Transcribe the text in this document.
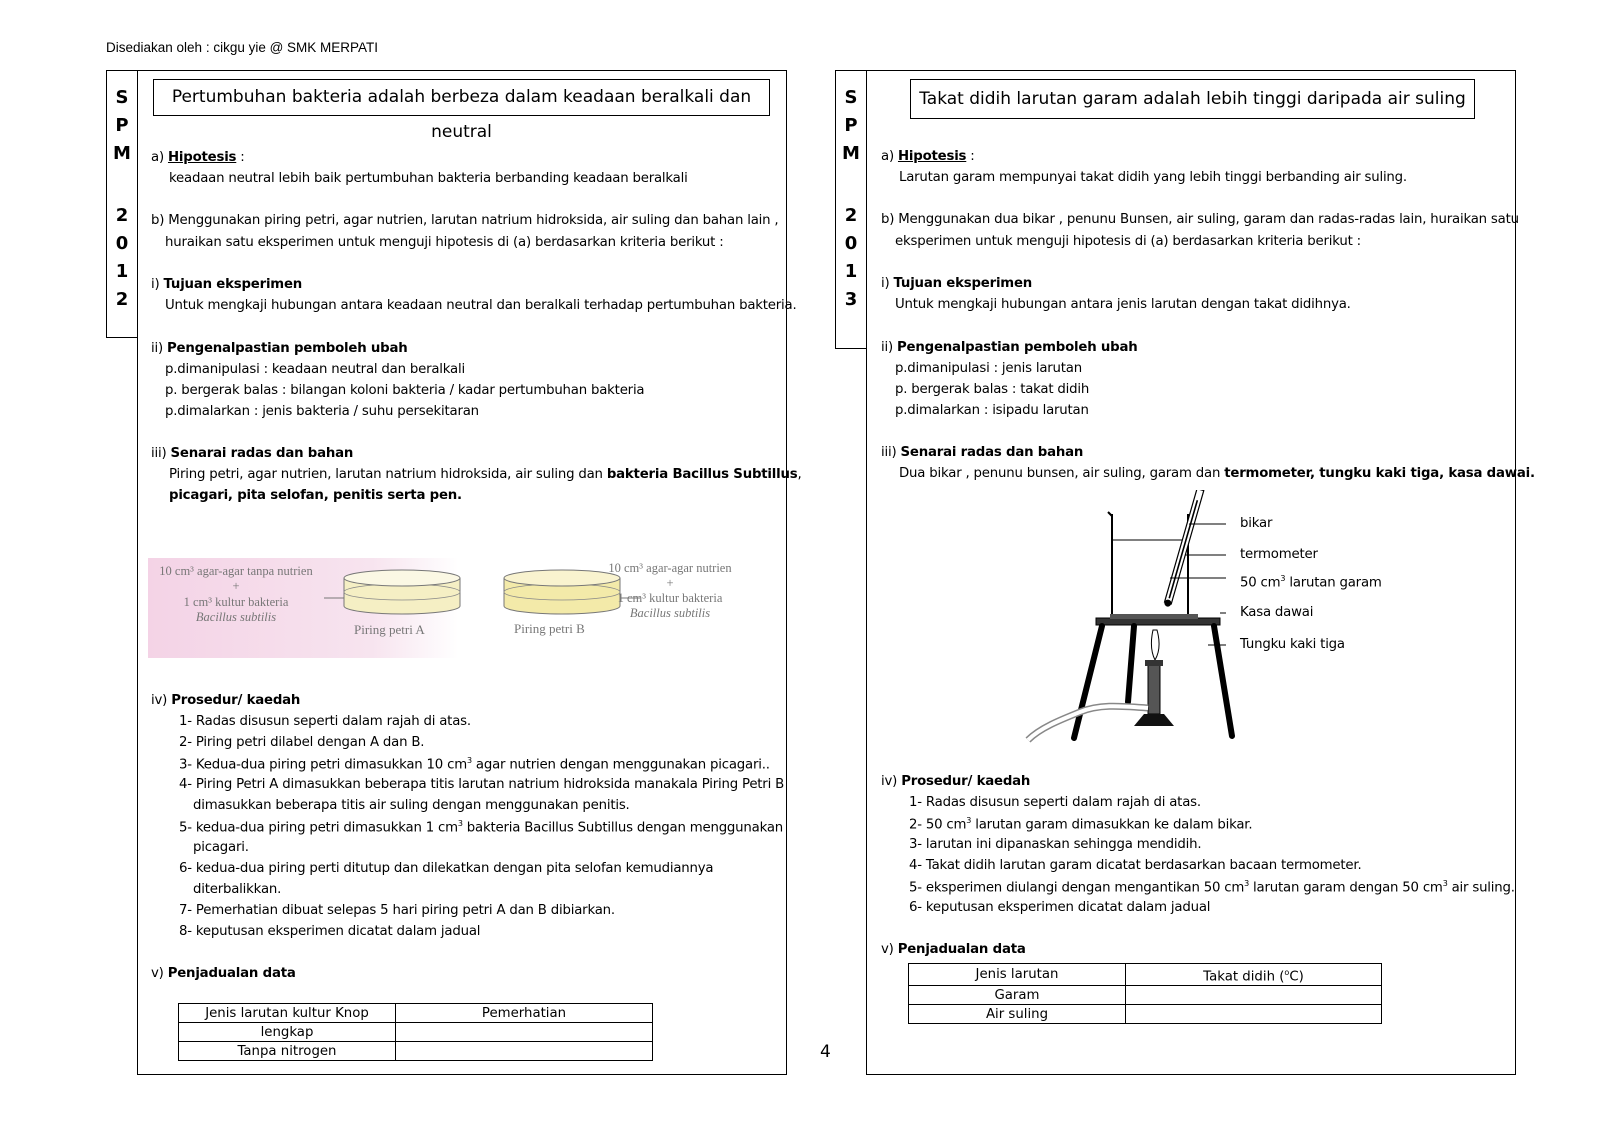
Disediakan oleh : cikgu yie @ SMK MERPATI
S
P
M
2
0
1
2
Pertumbuhan bakteria adalah berbeza dalam keadaan beralkali dan neutral
a) Hipotesis :
keadaan neutral lebih baik pertumbuhan bakteria berbanding keadaan beralkali
b) Menggunakan piring petri, agar nutrien, larutan natrium hidroksida, air suling dan bahan lain ,
huraikan satu eksperimen untuk menguji hipotesis di (a) berdasarkan kriteria berikut :
i) Tujuan eksperimen
Untuk mengkaji hubungan antara keadaan neutral dan beralkali terhadap pertumbuhan bakteria.
ii) Pengenalpastian pemboleh ubah
p.dimanipulasi : keadaan neutral dan beralkali
p. bergerak balas : bilangan koloni bakteria / kadar pertumbuhan bakteria
p.dimalarkan : jenis bakteria / suhu persekitaran
iii) Senarai radas dan bahan
Piring petri, agar nutrien, larutan natrium hidroksida, air suling dan bakteria Bacillus Subtillus,
picagari, pita selofan, penitis serta pen.
10 cm³ agar-agar tanpa nutrien
+
1 cm³ kultur bakteria
Bacillus subtilis
Piring petri A	Piring petri B
10 cm³ agar-agar nutrien
+
1 cm³ kultur bakteria
Bacillus subtilis
iv) Prosedur/ kaedah
1- Radas disusun seperti dalam rajah di atas.
2- Piring petri dilabel dengan A dan B.
3- Kedua-dua piring petri dimasukkan 10 $cm^3$ agar nutrien dengan menggunakan picagari..
4- Piring Petri A dimasukkan beberapa titis larutan natrium hidroksida manakala Piring Petri B
dimasukkan beberapa titis air suling dengan menggunakan penitis.
5- kedua-dua piring petri dimasukkan 1 $cm^3$ bakteria Bacillus Subtillus dengan menggunakan
picagari.
6- kedua-dua piring perti ditutup dan dilekatkan dengan pita selofan kemudiannya
diterbalikkan.
7- Pemerhatian dibuat selepas 5 hari piring petri A dan B dibiarkan.
8- keputusan eksperimen dicatat dalam jadual
v) Penjadualan data
Jenis larutan kultur Knop	Pemerhatian
lengkap	
Tanpa nitrogen		4
S
P
M
2
0
1
3
Takat didih larutan garam adalah lebih tinggi daripada air suling
a) Hipotesis :
Larutan garam mempunyai takat didih yang lebih tinggi berbanding air suling.
b) Menggunakan dua bikar , penunu Bunsen, air suling, garam dan radas-radas lain, huraikan satu
eksperimen untuk menguji hipotesis di (a) berdasarkan kriteria berikut :
i) Tujuan eksperimen
Untuk mengkaji hubungan antara jenis larutan dengan takat didihnya.
ii) Pengenalpastian pemboleh ubah
p.dimanipulasi : jenis larutan
p. bergerak balas : takat didih
p.dimalarkan : isipadu larutan
iii) Senarai radas dan bahan
Dua bikar , penunu bunsen, air suling, garam dan termometer, tungku kaki tiga, kasa dawai.
bikar
termometer
50 $cm^3$ larutan garam
Kasa dawai
Tungku kaki tiga
iv) Prosedur/ kaedah
1- Radas disusun seperti dalam rajah di atas.
2- 50 $cm^3$ larutan garam dimasukkan ke dalam bikar.
3- larutan ini dipanaskan sehingga mendidih.
4- Takat didih larutan garam dicatat berdasarkan bacaan termometer.
5- eksperimen diulangi dengan mengantikan 50 $cm^3$ larutan garam dengan 50 $cm^3$ air suling.
6- keputusan eksperimen dicatat dalam jadual
v) Penjadualan data
Jenis larutan	Takat didih ($^o$C)
Garam	
Air suling	
